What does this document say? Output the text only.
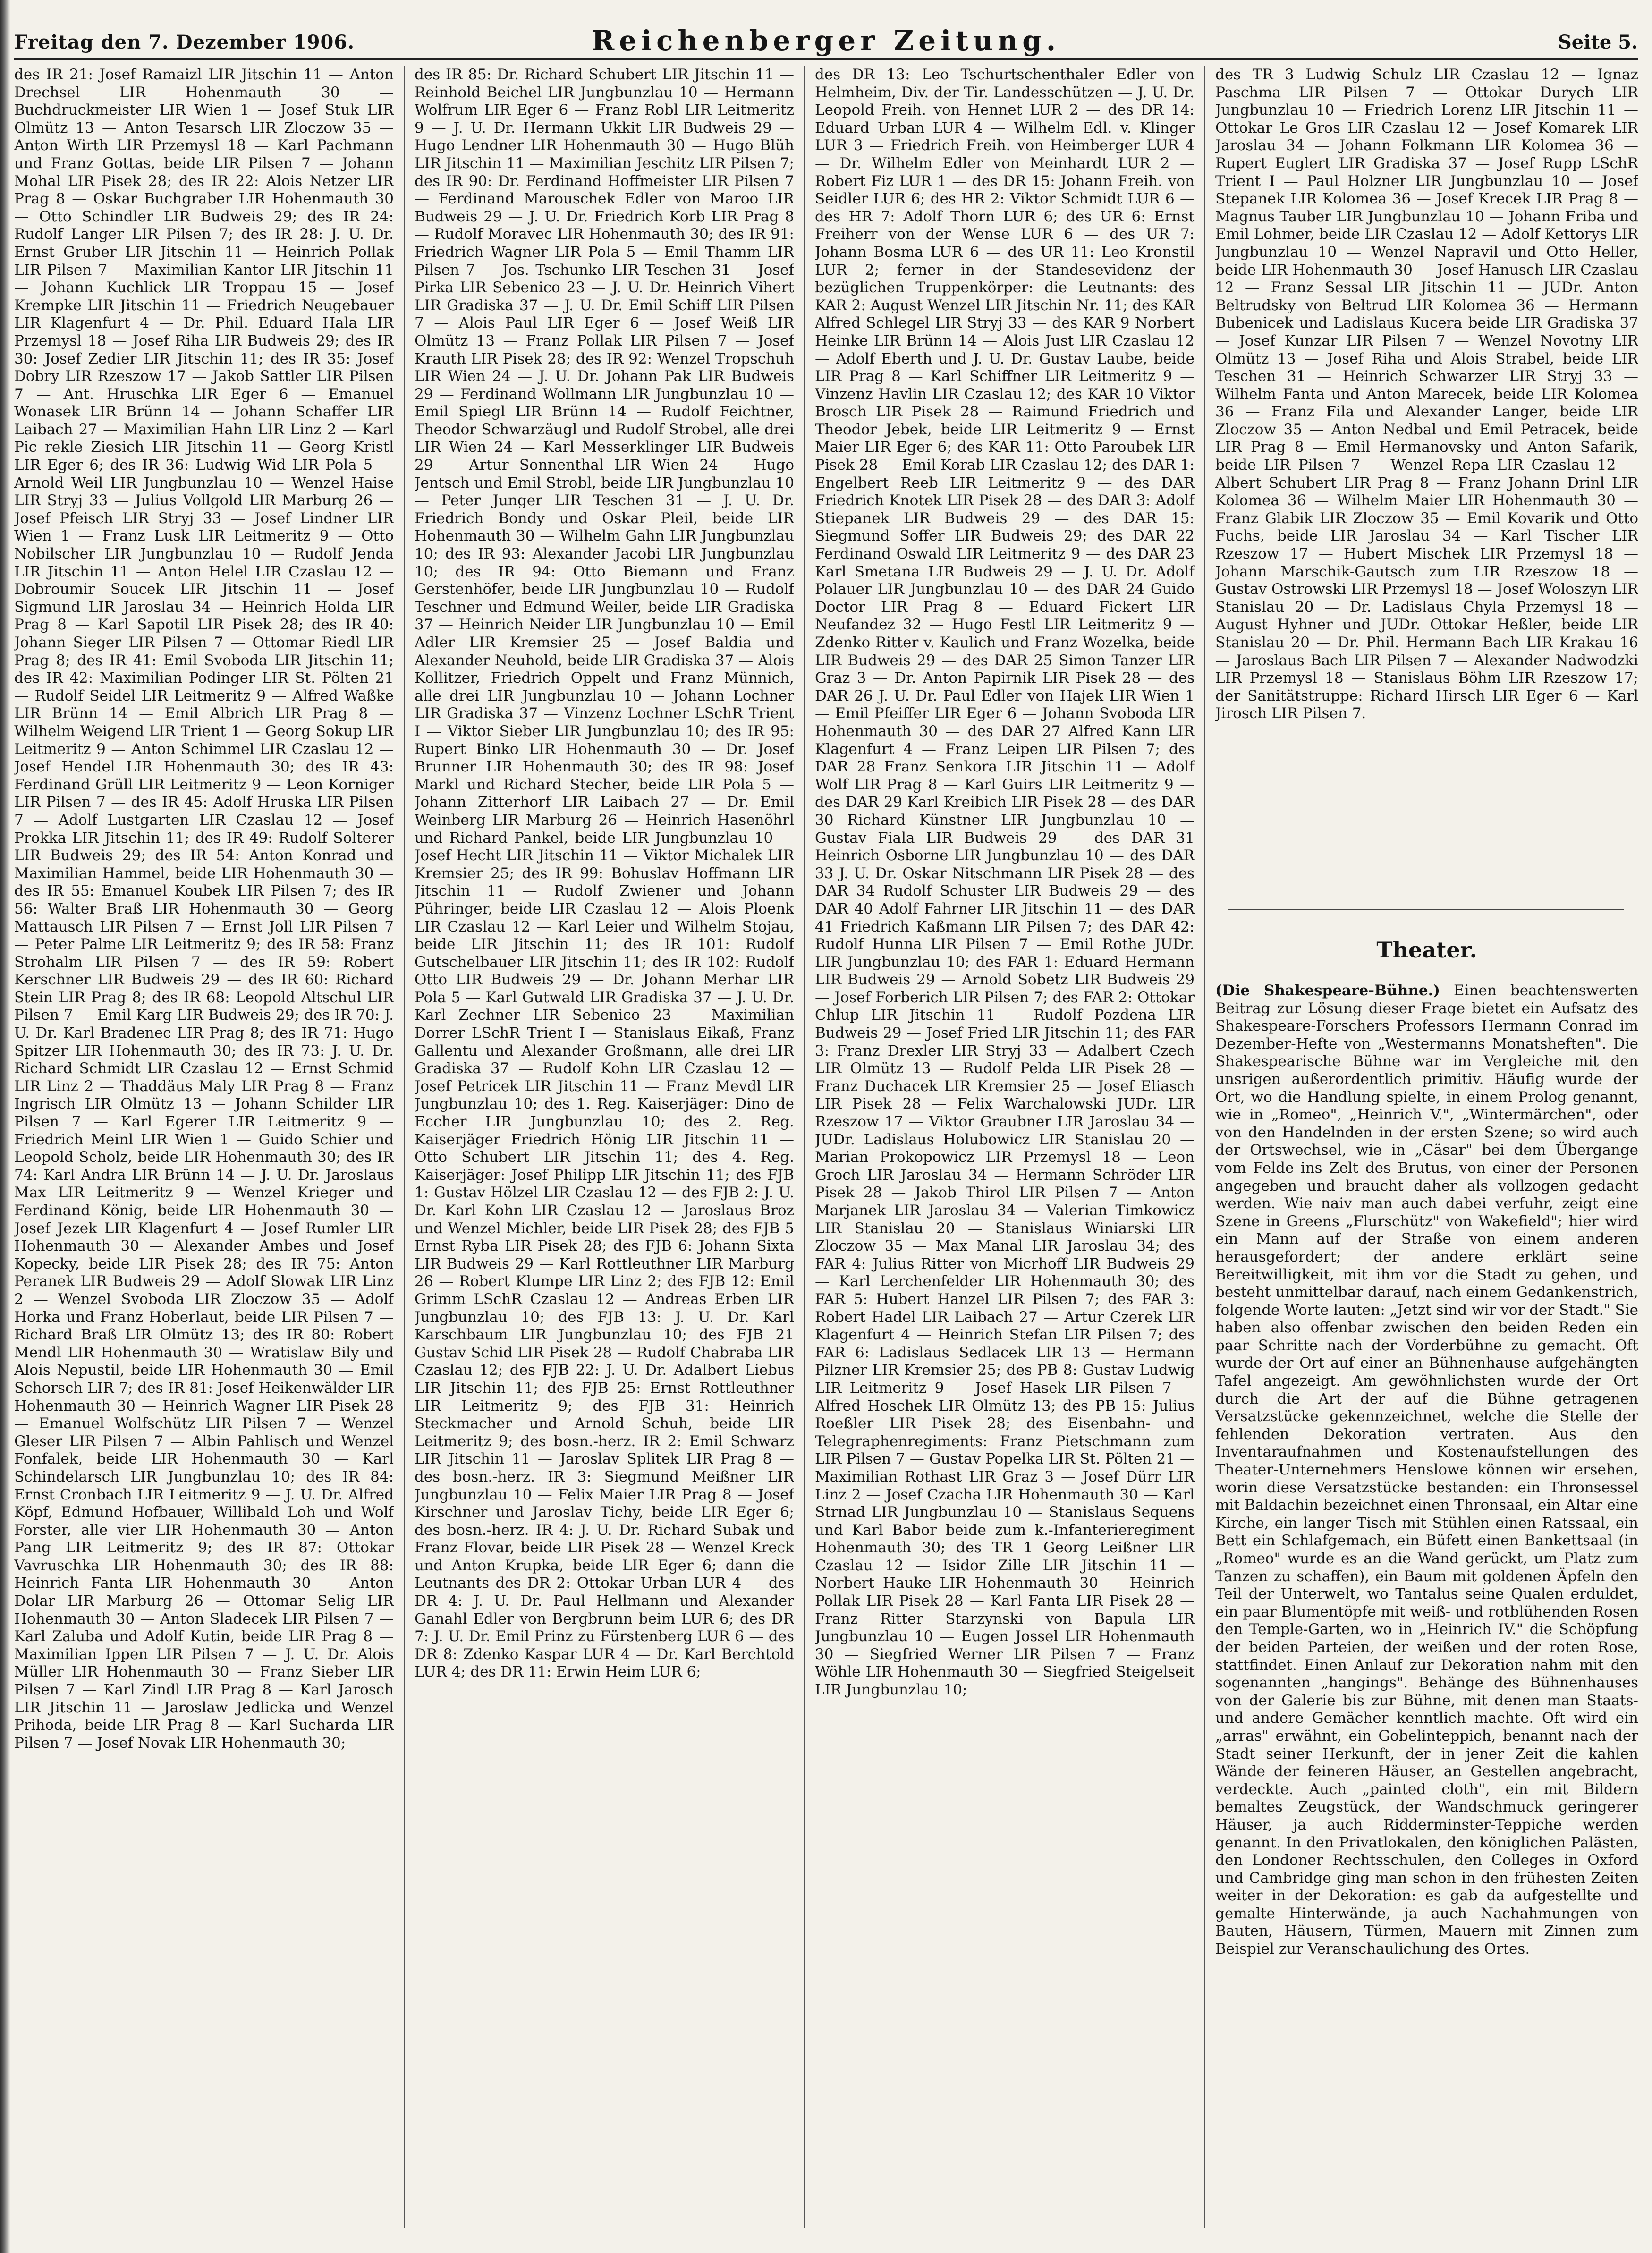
Freitag den 7. Dezember 1906.	Reichenberger Zeitung.	Seite 5.

des IR 21: Josef Ramaizl LIR Jitschin 11 — Anton Drechsel LIR Hohenmauth 30 — Buchdruckmeister LIR Wien 1 — Josef Stuk LIR Olmütz 13 — Anton Tesarsch LIR Zloczow 35 — Anton Wirth LIR Przemysl 18 — Karl Pachmann und Franz Gottas, beide LIR Pilsen 7 — Johann Mohal LIR Pisek 28; des IR 22: Alois Netzer LIR Prag 8 — Oskar Buchgraber LIR Hohenmauth 30 — Otto Schindler LIR Budweis 29; des IR 24: Rudolf Langer LIR Pilsen 7; des IR 28: J. U. Dr. Ernst Gruber LIR Jitschin 11 — Heinrich Pollak LIR Pilsen 7 — Maximilian Kantor LIR Jitschin 11 — Johann Kuchlick LIR Troppau 15 — Josef Krempke LIR Jitschin 11 — Friedrich Neugebauer LIR Klagenfurt 4 — Dr. Phil. Eduard Hala LIR Przemysl 18 — Josef Riha LIR Budweis 29; des IR 30: Josef Zedier LIR Jitschin 11; des IR 35: Josef Dobry LIR Rzeszow 17 — Jakob Sattler LIR Pilsen 7 — Ant. Hruschka LIR Eger 6 — Emanuel Wonasek LIR Brünn 14 — Johann Schaffer LIR Laibach 27 — Maximilian Hahn LIR Linz 2 — Karl Pic rekle Ziesich LIR Jitschin 11 — Georg Kristl LIR Eger 6; des IR 36: Ludwig Wid LIR Pola 5 — Arnold Weil LIR Jungbunzlau 10 — Wenzel Haise LIR Stryj 33 — Julius Vollgold LIR Marburg 26 — Josef Pfeisch LIR Stryj 33 — Josef Lindner LIR Wien 1 — Franz Lusk LIR Leitmeritz 9 — Otto Nobilscher LIR Jungbunzlau 10 — Rudolf Jenda LIR Jitschin 11 — Anton Helel LIR Czaslau 12 — Dobroumir Soucek LIR Jitschin 11 — Josef Sigmund LIR Jaroslau 34 — Heinrich Holda LIR Prag 8 — Karl Sapotil LIR Pisek 28; des IR 40: Johann Sieger LIR Pilsen 7 — Ottomar Riedl LIR Prag 8; des IR 41: Emil Svoboda LIR Jitschin 11; des IR 42: Maximilian Podinger LIR St. Pölten 21 — Rudolf Seidel LIR Leitmeritz 9 — Alfred Waßke LIR Brünn 14 — Emil Albrich LIR Prag 8 — Wilhelm Weigend LIR Trient 1 — Georg Sokup LIR Leitmeritz 9 — Anton Schimmel LIR Czaslau 12 — Josef Hendel LIR Hohenmauth 30; des IR 43: Ferdinand Grüll LIR Leitmeritz 9 — Leon Korniger LIR Pilsen 7 — des IR 45: Adolf Hruska LIR Pilsen 7 — Adolf Lustgarten LIR Czaslau 12 — Josef Prokka LIR Jitschin 11; des IR 49: Rudolf Solterer LIR Budweis 29; des IR 54: Anton Konrad und Maximilian Hammel, beide LIR Hohenmauth 30 — des IR 55: Emanuel Koubek LIR Pilsen 7; des IR 56: Walter Braß LIR Hohenmauth 30 — Georg Mattausch LIR Pilsen 7 — Ernst Joll LIR Pilsen 7 — Peter Palme LIR Leitmeritz 9; des IR 58: Franz Strohalm LIR Pilsen 7 — des IR 59: Robert Kerschner LIR Budweis 29 — des IR 60: Richard Stein LIR Prag 8; des IR 68: Leopold Altschul LIR Pilsen 7 — Emil Karg LIR Budweis 29; des IR 70: J. U. Dr. Karl Bradenec LIR Prag 8; des IR 71: Hugo Spitzer LIR Hohenmauth 30; des IR 73: J. U. Dr. Richard Schmidt LIR Czaslau 12 — Ernst Schmid LIR Linz 2 — Thaddäus Maly LIR Prag 8 — Franz Ingrisch LIR Olmütz 13 — Johann Schilder LIR Pilsen 7 — Karl Egerer LIR Leitmeritz 9 — Friedrich Meinl LIR Wien 1 — Guido Schier und Leopold Scholz, beide LIR Hohenmauth 30; des IR 74: Karl Andra LIR Brünn 14 — J. U. Dr. Jaroslaus Max LIR Leitmeritz 9 — Wenzel Krieger und Ferdinand König, beide LIR Hohenmauth 30 — Josef Jezek LIR Klagenfurt 4 — Josef Rumler LIR Hohenmauth 30 — Alexander Ambes und Josef Kopecky, beide LIR Pisek 28; des IR 75: Anton Peranek LIR Budweis 29 — Adolf Slowak LIR Linz 2 — Wenzel Svoboda LIR Zloczow 35 — Adolf Horka und Franz Hoberlaut, beide LIR Pilsen 7 — Richard Braß LIR Olmütz 13; des IR 80: Robert Mendl LIR Hohenmauth 30 — Wratislaw Bily und Alois Nepustil, beide LIR Hohenmauth 30 — Emil Schorsch LIR 7; des IR 81: Josef Heikenwälder LIR Hohenmauth 30 — Heinrich Wagner LIR Pisek 28 — Emanuel Wolfschütz LIR Pilsen 7 — Wenzel Gleser LIR Pilsen 7 — Albin Pahlisch und Wenzel Fonfalek, beide LIR Hohenmauth 30 — Karl Schindelarsch LIR Jungbunzlau 10; des IR 84: Ernst Cronbach LIR Leitmeritz 9 — J. U. Dr. Alfred Köpf, Edmund Hofbauer, Willibald Loh und Wolf Forster, alle vier LIR Hohenmauth 30 — Anton Pang LIR Leitmeritz 9; des IR 87: Ottokar Vavruschka LIR Hohenmauth 30; des IR 88: Heinrich Fanta LIR Hohenmauth 30 — Anton Dolar LIR Marburg 26 — Ottomar Selig LIR Hohenmauth 30 — Anton Sladecek LIR Pilsen 7 — Karl Zaluba und Adolf Kutin, beide LIR Prag 8 — Maximilian Ippen LIR Pilsen 7 — J. U. Dr. Alois Müller LIR Hohenmauth 30 — Franz Sieber LIR Pilsen 7 — Karl Zindl LIR Prag 8 — Karl Jarosch LIR Jitschin 11 — Jaroslaw Jedlicka und Wenzel Prihoda, beide LIR Prag 8 — Karl Sucharda LIR Pilsen 7 — Josef Novak LIR Hohenmauth 30;

des IR 85: Dr. Richard Schubert LIR Jitschin 11 — Reinhold Beichel LIR Jungbunzlau 10 — Hermann Wolfrum LIR Eger 6 — Franz Robl LIR Leitmeritz 9 — J. U. Dr. Hermann Ukkit LIR Budweis 29 — Hugo Lendner LIR Hohenmauth 30 — Hugo Blüh LIR Jitschin 11 — Maximilian Jeschitz LIR Pilsen 7; des IR 90: Dr. Ferdinand Hoffmeister LIR Pilsen 7 — Ferdinand Marouschek Edler von Maroo LIR Budweis 29 — J. U. Dr. Friedrich Korb LIR Prag 8 — Rudolf Moravec LIR Hohenmauth 30; des IR 91: Friedrich Wagner LIR Pola 5 — Emil Thamm LIR Pilsen 7 — Jos. Tschunko LIR Teschen 31 — Josef Pirka LIR Sebenico 23 — J. U. Dr. Heinrich Vihert LIR Gradiska 37 — J. U. Dr. Emil Schiff LIR Pilsen 7 — Alois Paul LIR Eger 6 — Josef Weiß LIR Olmütz 13 — Franz Pollak LIR Pilsen 7 — Josef Krauth LIR Pisek 28; des IR 92: Wenzel Tropschuh LIR Wien 24 — J. U. Dr. Johann Pak LIR Budweis 29 — Ferdinand Wollmann LIR Jungbunzlau 10 — Emil Spiegl LIR Brünn 14 — Rudolf Feichtner, Theodor Schwarzäugl und Rudolf Strobel, alle drei LIR Wien 24 — Karl Messerklinger LIR Budweis 29 — Artur Sonnenthal LIR Wien 24 — Hugo Jentsch und Emil Strobl, beide LIR Jungbunzlau 10 — Peter Junger LIR Teschen 31 — J. U. Dr. Friedrich Bondy und Oskar Pleil, beide LIR Hohenmauth 30 — Wilhelm Gahn LIR Jungbunzlau 10; des IR 93: Alexander Jacobi LIR Jungbunzlau 10; des IR 94: Otto Biemann und Franz Gerstenhöfer, beide LIR Jungbunzlau 10 — Rudolf Teschner und Edmund Weiler, beide LIR Gradiska 37 — Heinrich Neider LIR Jungbunzlau 10 — Emil Adler LIR Kremsier 25 — Josef Baldia und Alexander Neuhold, beide LIR Gradiska 37 — Alois Kollitzer, Friedrich Oppelt und Franz Münnich, alle drei LIR Jungbunzlau 10 — Johann Lochner LIR Gradiska 37 — Vinzenz Lochner LSchR Trient I — Viktor Sieber LIR Jungbunzlau 10; des IR 95: Rupert Binko LIR Hohenmauth 30 — Dr. Josef Brunner LIR Hohenmauth 30; des IR 98: Josef Markl und Richard Stecher, beide LIR Pola 5 — Johann Zitterhorf LIR Laibach 27 — Dr. Emil Weinberg LIR Marburg 26 — Heinrich Hasenöhrl und Richard Pankel, beide LIR Jungbunzlau 10 — Josef Hecht LIR Jitschin 11 — Viktor Michalek LIR Kremsier 25; des IR 99: Bohuslav Hoffmann LIR Jitschin 11 — Rudolf Zwiener und Johann Pühringer, beide LIR Czaslau 12 — Alois Ploenk LIR Czaslau 12 — Karl Leier und Wilhelm Stojau, beide LIR Jitschin 11; des IR 101: Rudolf Gutschelbauer LIR Jitschin 11; des IR 102: Rudolf Otto LIR Budweis 29 — Dr. Johann Merhar LIR Pola 5 — Karl Gutwald LIR Gradiska 37 — J. U. Dr. Karl Zechner LIR Sebenico 23 — Maximilian Dorrer LSchR Trient I — Stanislaus Eikaß, Franz Gallentu und Alexander Großmann, alle drei LIR Gradiska 37 — Rudolf Kohn LIR Czaslau 12 — Josef Petricek LIR Jitschin 11 — Franz Mevdl LIR Jungbunzlau 10; des 1. Reg. Kaiserjäger: Dino de Eccher LIR Jungbunzlau 10; des 2. Reg. Kaiserjäger Friedrich Hönig LIR Jitschin 11 — Otto Schubert LIR Jitschin 11; des 4. Reg. Kaiserjäger: Josef Philipp LIR Jitschin 11; des FJB 1: Gustav Hölzel LIR Czaslau 12 — des FJB 2: J. U. Dr. Karl Kohn LIR Czaslau 12 — Jaroslaus Broz und Wenzel Michler, beide LIR Pisek 28; des FJB 5 Ernst Ryba LIR Pisek 28; des FJB 6: Johann Sixta LIR Budweis 29 — Karl Rottleuthner LIR Marburg 26 — Robert Klumpe LIR Linz 2; des FJB 12: Emil Grimm LSchR Czaslau 12 — Andreas Erben LIR Jungbunzlau 10; des FJB 13: J. U. Dr. Karl Karschbaum LIR Jungbunzlau 10; des FJB 21 Gustav Schid LIR Pisek 28 — Rudolf Chabraba LIR Czaslau 12; des FJB 22: J. U. Dr. Adalbert Liebus LIR Jitschin 11; des FJB 25: Ernst Rottleuthner LIR Leitmeritz 9; des FJB 31: Heinrich Steckmacher und Arnold Schuh, beide LIR Leitmeritz 9; des bosn.-herz. IR 2: Emil Schwarz LIR Jitschin 11 — Jaroslav Splitek LIR Prag 8 — des bosn.-herz. IR 3: Siegmund Meißner LIR Jungbunzlau 10 — Felix Maier LIR Prag 8 — Josef Kirschner und Jaroslav Tichy, beide LIR Eger 6; des bosn.-herz. IR 4: J. U. Dr. Richard Subak und Franz Flovar, beide LIR Pisek 28 — Wenzel Kreck und Anton Krupka, beide LIR Eger 6; dann die Leutnants des DR 2: Ottokar Urban LUR 4 — des DR 4: J. U. Dr. Paul Hellmann und Alexander Ganahl Edler von Bergbrunn beim LUR 6; des DR 7: J. U. Dr. Emil Prinz zu Fürstenberg LUR 6 — des DR 8: Zdenko Kaspar LUR 4 — Dr. Karl Berchtold LUR 4; des DR 11: Erwin Heim LUR 6;

des DR 13: Leo Tschurtschenthaler Edler von Helmheim, Div. der Tir. Landesschützen — J. U. Dr. Leopold Freih. von Hennet LUR 2 — des DR 14: Eduard Urban LUR 4 — Wilhelm Edl. v. Klinger LUR 3 — Friedrich Freih. von Heimberger LUR 4 — Dr. Wilhelm Edler von Meinhardt LUR 2 — Robert Fiz LUR 1 — des DR 15: Johann Freih. von Seidler LUR 6; des HR 2: Viktor Schmidt LUR 6 — des HR 7: Adolf Thorn LUR 6; des UR 6: Ernst Freiherr von der Wense LUR 6 — des UR 7: Johann Bosma LUR 6 — des UR 11: Leo Kronstil LUR 2; ferner in der Standesevidenz der bezüglichen Truppenkörper: die Leutnants: des KAR 2: August Wenzel LIR Jitschin Nr. 11; des KAR Alfred Schlegel LIR Stryj 33 — des KAR 9 Norbert Heinke LIR Brünn 14 — Alois Just LIR Czaslau 12 — Adolf Eberth und J. U. Dr. Gustav Laube, beide LIR Prag 8 — Karl Schiffner LIR Leitmeritz 9 — Vinzenz Havlin LIR Czaslau 12; des KAR 10 Viktor Brosch LIR Pisek 28 — Raimund Friedrich und Theodor Jebek, beide LIR Leitmeritz 9 — Ernst Maier LIR Eger 6; des KAR 11: Otto Paroubek LIR Pisek 28 — Emil Korab LIR Czaslau 12; des DAR 1: Engelbert Reeb LIR Leitmeritz 9 — des DAR Friedrich Knotek LIR Pisek 28 — des DAR 3: Adolf Stiepanek LIR Budweis 29 — des DAR 15: Siegmund Soffer LIR Budweis 29; des DAR 22 Ferdinand Oswald LIR Leitmeritz 9 — des DAR 23 Karl Smetana LIR Budweis 29 — J. U. Dr. Adolf Polauer LIR Jungbunzlau 10 — des DAR 24 Guido Doctor LIR Prag 8 — Eduard Fickert LIR Neufandez 32 — Hugo Festl LIR Leitmeritz 9 — Zdenko Ritter v. Kaulich und Franz Wozelka, beide LIR Budweis 29 — des DAR 25 Simon Tanzer LIR Graz 3 — Dr. Anton Papirnik LIR Pisek 28 — des DAR 26 J. U. Dr. Paul Edler von Hajek LIR Wien 1 — Emil Pfeiffer LIR Eger 6 — Johann Svoboda LIR Hohenmauth 30 — des DAR 27 Alfred Kann LIR Klagenfurt 4 — Franz Leipen LIR Pilsen 7; des DAR 28 Franz Senkora LIR Jitschin 11 — Adolf Wolf LIR Prag 8 — Karl Guirs LIR Leitmeritz 9 — des DAR 29 Karl Kreibich LIR Pisek 28 — des DAR 30 Richard Künstner LIR Jungbunzlau 10 — Gustav Fiala LIR Budweis 29 — des DAR 31 Heinrich Osborne LIR Jungbunzlau 10 — des DAR 33 J. U. Dr. Oskar Nitschmann LIR Pisek 28 — des DAR 34 Rudolf Schuster LIR Budweis 29 — des DAR 40 Adolf Fahrner LIR Jitschin 11 — des DAR 41 Friedrich Kaßmann LIR Pilsen 7; des DAR 42: Rudolf Hunna LIR Pilsen 7 — Emil Rothe JUDr. LIR Jungbunzlau 10; des FAR 1: Eduard Hermann LIR Budweis 29 — Arnold Sobetz LIR Budweis 29 — Josef Forberich LIR Pilsen 7; des FAR 2: Ottokar Chlup LIR Jitschin 11 — Rudolf Pozdena LIR Budweis 29 — Josef Fried LIR Jitschin 11; des FAR 3: Franz Drexler LIR Stryj 33 — Adalbert Czech LIR Olmütz 13 — Rudolf Pelda LIR Pisek 28 — Franz Duchacek LIR Kremsier 25 — Josef Eliasch LIR Pisek 28 — Felix Warchalowski JUDr. LIR Rzeszow 17 — Viktor Graubner LIR Jaroslau 34 — JUDr. Ladislaus Holubowicz LIR Stanislau 20 — Marian Prokopowicz LIR Przemysl 18 — Leon Groch LIR Jaroslau 34 — Hermann Schröder LIR Pisek 28 — Jakob Thirol LIR Pilsen 7 — Anton Marjanek LIR Jaroslau 34 — Valerian Timkowicz LIR Stanislau 20 — Stanislaus Winiarski LIR Zloczow 35 — Max Manal LIR Jaroslau 34; des FAR 4: Julius Ritter von Micrhoff LIR Budweis 29 — Karl Lerchenfelder LIR Hohenmauth 30; des FAR 5: Hubert Hanzel LIR Pilsen 7; des FAR 3: Robert Hadel LIR Laibach 27 — Artur Czerek LIR Klagenfurt 4 — Heinrich Stefan LIR Pilsen 7; des FAR 6: Ladislaus Sedlacek LIR 13 — Hermann Pilzner LIR Kremsier 25; des PB 8: Gustav Ludwig LIR Leitmeritz 9 — Josef Hasek LIR Pilsen 7 — Alfred Hoschek LIR Olmütz 13; des PB 15: Julius Roeßler LIR Pisek 28; des Eisenbahn- und Telegraphenregiments: Franz Pietschmann zum LIR Pilsen 7 — Gustav Popelka LIR St. Pölten 21 — Maximilian Rothast LIR Graz 3 — Josef Dürr LIR Linz 2 — Josef Czacha LIR Hohenmauth 30 — Karl Strnad LIR Jungbunzlau 10 — Stanislaus Sequens und Karl Babor beide zum k.-Infanterieregiment Hohenmauth 30; des TR 1 Georg Leißner LIR Czaslau 12 — Isidor Zille LIR Jitschin 11 — Norbert Hauke LIR Hohenmauth 30 — Heinrich Pollak LIR Pisek 28 — Karl Fanta LIR Pisek 28 — Franz Ritter Starzynski von Bapula LIR Jungbunzlau 10 — Eugen Jossel LIR Hohenmauth 30 — Siegfried Werner LIR Pilsen 7 — Franz Wöhle LIR Hohenmauth 30 — Siegfried Steigelseit LIR Jungbunzlau 10;

des TR 3 Ludwig Schulz LIR Czaslau 12 — Ignaz Paschma LIR Pilsen 7 — Ottokar Durych LIR Jungbunzlau 10 — Friedrich Lorenz LIR Jitschin 11 — Ottokar Le Gros LIR Czaslau 12 — Josef Komarek LIR Jaroslau 34 — Johann Folkmann LIR Kolomea 36 — Rupert Euglert LIR Gradiska 37 — Josef Rupp LSchR Trient I — Paul Holzner LIR Jungbunzlau 10 — Josef Stepanek LIR Kolomea 36 — Josef Krecek LIR Prag 8 — Magnus Tauber LIR Jungbunzlau 10 — Johann Friba und Emil Lohmer, beide LIR Czaslau 12 — Adolf Kettorys LIR Jungbunzlau 10 — Wenzel Napravil und Otto Heller, beide LIR Hohenmauth 30 — Josef Hanusch LIR Czaslau 12 — Franz Sessal LIR Jitschin 11 — JUDr. Anton Beltrudsky von Beltrud LIR Kolomea 36 — Hermann Bubenicek und Ladislaus Kucera beide LIR Gradiska 37 — Josef Kunzar LIR Pilsen 7 — Wenzel Novotny LIR Olmütz 13 — Josef Riha und Alois Strabel, beide LIR Teschen 31 — Heinrich Schwarzer LIR Stryj 33 — Wilhelm Fanta und Anton Marecek, beide LIR Kolomea 36 — Franz Fila und Alexander Langer, beide LIR Zloczow 35 — Anton Nedbal und Emil Petracek, beide LIR Prag 8 — Emil Hermanovsky und Anton Safarik, beide LIR Pilsen 7 — Wenzel Repa LIR Czaslau 12 — Albert Schubert LIR Prag 8 — Franz Johann Drinl LIR Kolomea 36 — Wilhelm Maier LIR Hohenmauth 30 — Franz Glabik LIR Zloczow 35 — Emil Kovarik und Otto Fuchs, beide LIR Jaroslau 34 — Karl Tischer LIR Rzeszow 17 — Hubert Mischek LIR Przemysl 18 — Johann Marschik-Gautsch zum LIR Rzeszow 18 — Gustav Ostrowski LIR Przemysl 18 — Josef Woloszyn LIR Stanislau 20 — Dr. Ladislaus Chyla Przemysl 18 — August Hyhner und JUDr. Ottokar Heßler, beide LIR Stanislau 20 — Dr. Phil. Hermann Bach LIR Krakau 16 — Jaroslaus Bach LIR Pilsen 7 — Alexander Nadwodzki LIR Przemysl 18 — Stanislaus Böhm LIR Rzeszow 17; der Sanitätstruppe: Richard Hirsch LIR Eger 6 — Karl Jirosch LIR Pilsen 7.

Theater.
(Die Shakespeare-Bühne.) Einen beachtenswerten Beitrag zur Lösung dieser Frage bietet ein Aufsatz des Shakespeare-Forschers Professors Hermann Conrad im Dezember-Hefte von „Westermanns Monatsheften". Die Shakespearische Bühne war im Vergleiche mit den unsrigen außerordentlich primitiv. Häufig wurde der Ort, wo die Handlung spielte, in einem Prolog genannt, wie in „Romeo", „Heinrich V.", „Wintermärchen", oder von den Handelnden in der ersten Szene; so wird auch der Ortswechsel, wie in „Cäsar" bei dem Übergange vom Felde ins Zelt des Brutus, von einer der Personen angegeben und braucht daher als vollzogen gedacht werden. Wie naiv man auch dabei verfuhr, zeigt eine Szene in Greens „Flurschütz" von Wakefield"; hier wird ein Mann auf der Straße von einem anderen herausgefordert; der andere erklärt seine Bereitwilligkeit, mit ihm vor die Stadt zu gehen, und besteht unmittelbar darauf, nach einem Gedankenstrich, folgende Worte lauten: „Jetzt sind wir vor der Stadt." Sie haben also offenbar zwischen den beiden Reden ein paar Schritte nach der Vorderbühne zu gemacht. Oft wurde der Ort auf einer an Bühnenhause aufgehängten Tafel angezeigt. Am gewöhnlichsten wurde der Ort durch die Art der auf die Bühne getragenen Versatzstücke gekennzeichnet, welche die Stelle der fehlenden Dekoration vertraten. Aus den Inventaraufnahmen und Kostenaufstellungen des Theater-Unternehmers Henslowe können wir ersehen, worin diese Versatzstücke bestanden: ein Thronsessel mit Baldachin bezeichnet einen Thronsaal, ein Altar eine Kirche, ein langer Tisch mit Stühlen einen Ratssaal, ein Bett ein Schlafgemach, ein Büfett einen Bankettsaal (in „Romeo" wurde es an die Wand gerückt, um Platz zum Tanzen zu schaffen), ein Baum mit goldenen Äpfeln den Teil der Unterwelt, wo Tantalus seine Qualen erduldet, ein paar Blumentöpfe mit weiß- und rotblühenden Rosen den Temple-Garten, wo in „Heinrich IV." die Schöpfung der beiden Parteien, der weißen und der roten Rose, stattfindet. Einen Anlauf zur Dekoration nahm mit den sogenannten „hangings". Behänge des Bühnenhauses von der Galerie bis zur Bühne, mit denen man Staats- und andere Gemächer kenntlich machte. Oft wird ein „arras" erwähnt, ein Gobelinteppich, benannt nach der Stadt seiner Herkunft, der in jener Zeit die kahlen Wände der feineren Häuser, an Gestellen angebracht, verdeckte. Auch „painted cloth", ein mit Bildern bemaltes Zeugstück, der Wandschmuck geringerer Häuser, ja auch Ridderminster-Teppiche werden genannt. In den Privatlokalen, den königlichen Palästen, den Londoner Rechtsschulen, den Colleges in Oxford und Cambridge ging man schon in den frühesten Zeiten weiter in der Dekoration: es gab da aufgestellte und gemalte Hinterwände, ja auch Nachahmungen von Bauten, Häusern, Türmen, Mauern mit Zinnen zum Beispiel zur Veranschaulichung des Ortes.
